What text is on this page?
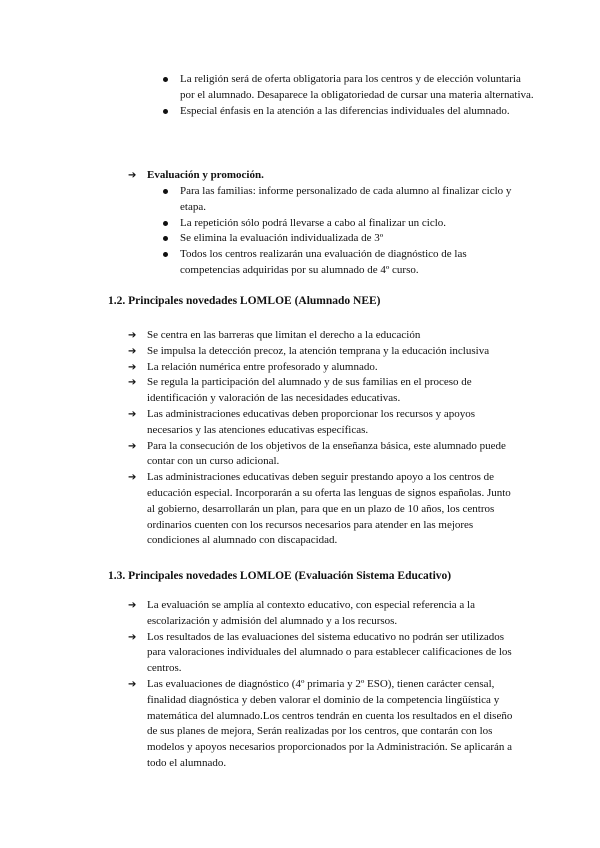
La religión será de oferta obligatoria para los centros y de elección voluntaria por el alumnado. Desaparece la obligatoriedad de cursar una materia alternativa.
Especial énfasis en la atención a las diferencias individuales del alumnado.
➔ Evaluación y promoción.
Para las familias: informe personalizado de cada alumno al finalizar ciclo y etapa.
La repetición sólo podrá llevarse a cabo al finalizar un ciclo.
Se elimina la evaluación individualizada de 3º
Todos los centros realizarán una evaluación de diagnóstico de las competencias adquiridas por su alumnado de 4º curso.
1.2. Principales novedades LOMLOE (Alumnado NEE)
➔ Se centra en las barreras que limitan el derecho a la educación
➔ Se impulsa la detección precoz, la atención temprana y la educación inclusiva
➔ La relación numérica entre profesorado y alumnado.
➔ Se regula la participación del alumnado y de sus familias en el proceso de identificación y valoración de las necesidades educativas.
➔ Las administraciones educativas deben proporcionar los recursos y apoyos necesarios y las atenciones educativas específicas.
➔ Para la consecución de los objetivos de la enseñanza básica, este alumnado puede contar con un curso adicional.
➔ Las administraciones educativas deben seguir prestando apoyo a los centros de educación especial. Incorporarán a su oferta las lenguas de signos españolas. Junto al gobierno, desarrollarán un plan, para que en un plazo de 10 años, los centros ordinarios cuenten con los recursos necesarios para atender en las mejores condiciones al alumnado con discapacidad.
1.3. Principales novedades LOMLOE (Evaluación Sistema Educativo)
➔ La evaluación se amplía al contexto educativo, con especial referencia a la escolarización y admisión del alumnado y a los recursos.
➔ Los resultados de las evaluaciones del sistema educativo no podrán ser utilizados para valoraciones individuales del alumnado o para establecer calificaciones de los centros.
➔ Las evaluaciones de diagnóstico (4º primaria y 2º ESO), tienen carácter censal, finalidad diagnóstica y deben valorar el dominio de la competencia lingüística y matemática del alumnado.Los centros tendrán en cuenta los resultados en el diseño de sus planes de mejora, Serán realizadas por los centros, que contarán con los modelos y apoyos necesarios proporcionados por la Administración. Se aplicarán a todo el alumnado.
